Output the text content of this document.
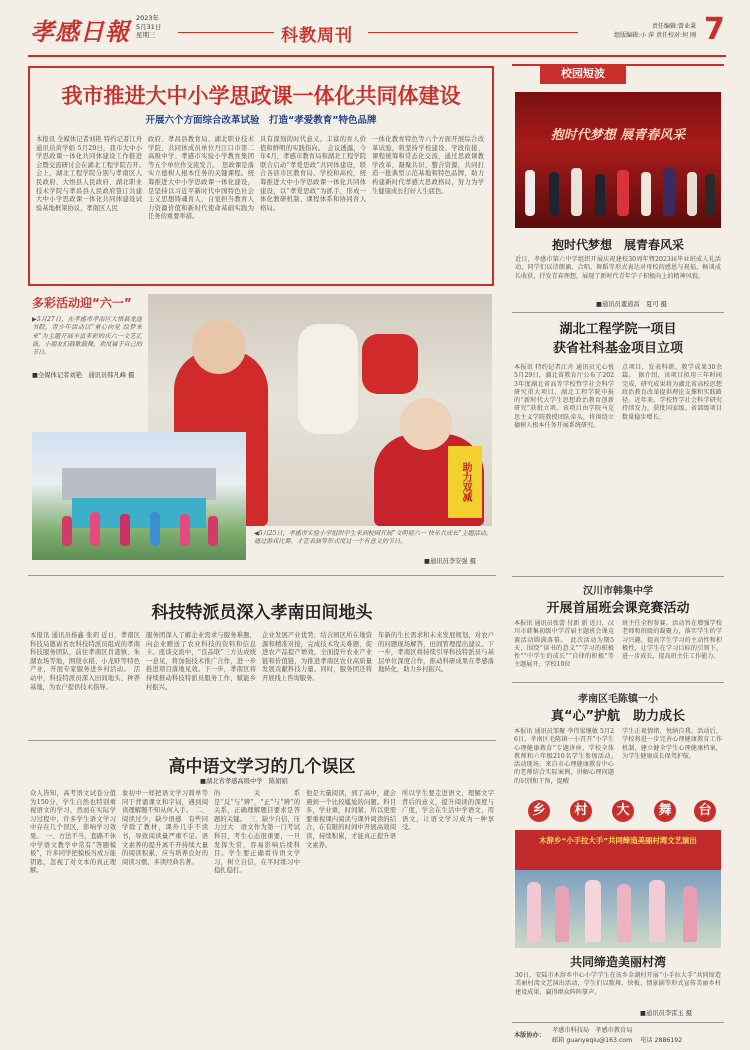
孝感日報 2023年
5月31日
星期三	科教周刊	责任编辑:曾业秉
组版编辑:小 萍 责任校对:何 刚 7
我市推进大中小学思政课一体化共同体建设
开展六个方面综合改革试验　打造“孝爱教育”特色品牌
本报讯 全媒体记者刘艳 特约记者江舟 通讯员黄学娟 5月29日，我市大中小学思政课一体化共同体建设工作推进会暨交流研讨会在湖北工程学院召开。　会上，湖北工程学院分别与孝南区人民政府、大悟县人民政府、湖北职业技术学院与孝昌县人民政府签订共建大中小学思政课一体化共同体建设试验基地框架协议，孝南区人民
政府、孝昌县教育局、湖北职业技术学院、共同体成员单位丹江口市第二高级中学、孝感市实验小学教育集团等五个单位作交流发言。　思政课是落实立德树人根本任务的关键课程。统筹推进大中小学思政课一体化建设，是坚持以习近平新时代中国特色社会主义思想铸魂育人，自觉担当教育人力资源价值和新时代使命基础实践为任务的重要举措。
具有深刻的时代意义。丰富的育人价值和鲜明的实践指向。　会议透露，今年4月，孝感市教育局和湖北工程学院联合启动“孝爱思政”共同体建设，联合各县市区教育局、学校和高校，统筹推进大中小学思政课一体化共同体建设，以“孝爱思政”为抓手，形成一体化教研机制、课程体系和协同育人格局。
一体化教育特色等六个方面开展综合改革试验，将坚持学校建设、学段衔接、课程统筹和常态化交流，通过思政课教学改革，凝聚共识、整合资源，共同打造一批典型示范基地和特色品牌，助力构建新时代孝感大思政格局，努力为学生健康成长打好人生底色。
校园短波
抱时代梦想 展青春风采
抱时代梦想　展青春风采
近日，孝感市第六中学组织开展庆祝建校30周年暨2023届毕业班成人礼活动，同学们以诗朗诵、合唱、舞蹈等形式表达对母校的感恩与祝福，畅谈成长收获，抒发青春理想，展现了新时代青年学子积极向上的精神风貌。
■通讯员董道昌　夏可 摄
湖北工程学院一项目
获省社科基金项目立项
本报讯 特约记者江舟 通讯员元心悦 5月29日，湖北省教育厅公布了2023年度湖北省高等学校哲学社会科学研究重大项目，湖北工程学院申报的“新时代大学生思想政治教育创新研究”获批立项。该项目由学院马克思主义学院教授团队牵头，将围绕立德树人根本任务开展系统研究。
点项目，发表科研、教学成果30余篇。　据介绍，该项目拟用三年时间完成，研究成果将为湖北省高校思想政治教育改革提供理论支撑和实践路径。近年来，学校哲学社会科学研究持续发力，获批国家级、省部级项目数量稳步增长。
汉川市韩集中学
开展首届班会课竞赛活动
本报讯 通讯员张蕾 付新 新 近日，汉川市韩集初级中学首届主题班会课竞赛活动圆满落幕。　此次活动为期5天，围绕“读书的意义”“学习的积极性”“中学生的成长”“自律的积极”等主题展开，学校10位
班主任全程参赛。活动旨在增强学校老师和班级的凝聚力，落实学生的学习兴趣，提高学生学习的主动性和积极性，让学生在学习目标的引领下，进一步成长，提高班主任工作能力。
孝南区毛陈镇一小
真“心”护航　助力成长
本报讯 通讯员邹聚 李伟梁继敏 5月26日，孝南区毛陈镇一小召开“小学生心理健康教育”专题讲座，学校全体教师和六年级210名学生参加活动。　活动现场，来自市心理健康教育中心的老师结合实际案例，讲解心理问题的识别和干预，提醒
学生正视情绪、悦纳自我。活动后，学校将进一步完善心理健康教育工作机制，建立健全学生心理健康档案，为学生健康成长保驾护航。
乡	村	大	舞	台
木辞乡“小手拉大手”共同缔造美丽村湾文艺演出
共同缔造美丽村湾
30日，安陆市木辞乡中心小学学生在该乡金湖村开展“小手拉大手”共同缔造美丽村湾文艺演出活动，学生们以歌舞、快板、情景剧等形式宣传美丽乡村建设成果，赢得群众阵阵掌声。
■通讯员李雷玉 摄
本版协办：
孝感市科技局　孝感市教育局
邮箱 guanyeqiu@163.com　 电话 2886192
多彩活动迎“六一”
▶5月27日，在孝感市孝南区大悟县龙池书院，青少年活动以“童心向党 绘梦未来”为主题开展丰富多彩的庆六一文艺汇演，小朋友们载歌载舞，欢度属于自己的节日。
■全媒体记者刘艳　通讯员韩凡峰 摄
助力双减
◀5月25日，孝感市实验小学组织学生来到校园开展“文明迎六一 快乐共成长”主题活动，通过游戏比赛、才艺表演等形式度过一个有意义的节日。
■通讯员李安强 摄
科技特派员深入孝南田间地头
本报讯 通讯员杨鑫 张玥 近日，孝南区科技局邀请省农科技特派员组成的孝南科技服务团队，前往孝南区肖港镇、朱湖农场等地，围绕水稻、小龙虾等特色产业，开展专家服务进乡村活动。　活动中，科技特派员深入田间地头、种养基地，为农户提供技术指导。
服务团深入了解企业需求与服务难题，向企业赠送了农业科技的资料和信息卡。座谈交流中，“良品联”三方达成统一意见，将加强技术推广合作，进一步推进项目落地见效。下一步，孝南区将持续推动科技特派员服务工作，赋能乡村振兴。
企业发展产业优势，结合园区所在地资源和精准对接，完成技术攻关难题，促进农产品提产增效，全面提升农业产业链和价值链，为推进孝南区农业高质量发展贡献科技力量。同时，服务团还将开展线上咨询服务。
年新的生长需求和未来发展规划，对农户的问题现场解答，田间管理提出建议。下一步，孝南区将持续引导科技特派员与基层单位深度合作，推动科研成果在孝感落地转化，助力乡村振兴。
高中语文学习的几个误区
■湖北省孝感高级中学　陈娟娟
众人皆知，高考语文试卷分值为150分，学生自然也特别重视语文的学习，然而在实际学习过程中，许多学生语文学习中存在几个误区，影响学习效果。　一、方法不当，套路不休　中学语文教学中常有“答题模板”，许多同学把模板当成万能钥匙，忽视了对文本的真正理解。
象初中一样把语文学习简单等同于背诵课文和字词，遇到阅读理解题不知从何入手。　二、阅读过少，缺少语感　有些同学除了教材，课外几乎不读书，导致阅读量严重不足。语文素养的提升离不开持续大量的阅读积累，应当培养良好的阅读习惯，多读经典名著。
的关系是“反”与“辨”，“正”与“辨”的关系，正确理解题目要求是答题的关键。　三、缺少自信，压力过大　语文作为第一门考试科目，考生心态很重要，一旦发挥失常，容易影响后续科目。学生要正确看待语文学习，树立自信，在平时练习中稳扎稳打。
他是大量阅读，到了高中，就会遇到一个比较尴尬的问题。科目多，学业重，时间紧，所以更需要重视课内阅读与课外阅读的结合，在有限的时间中开展高效阅读，持续积累，才能真正提升语文素养。
所以学生要走进语文，理解文字背后的意义，提升阅读的深度与广度，学会在生活中学语文、用语文，让语文学习成为一种享受。
